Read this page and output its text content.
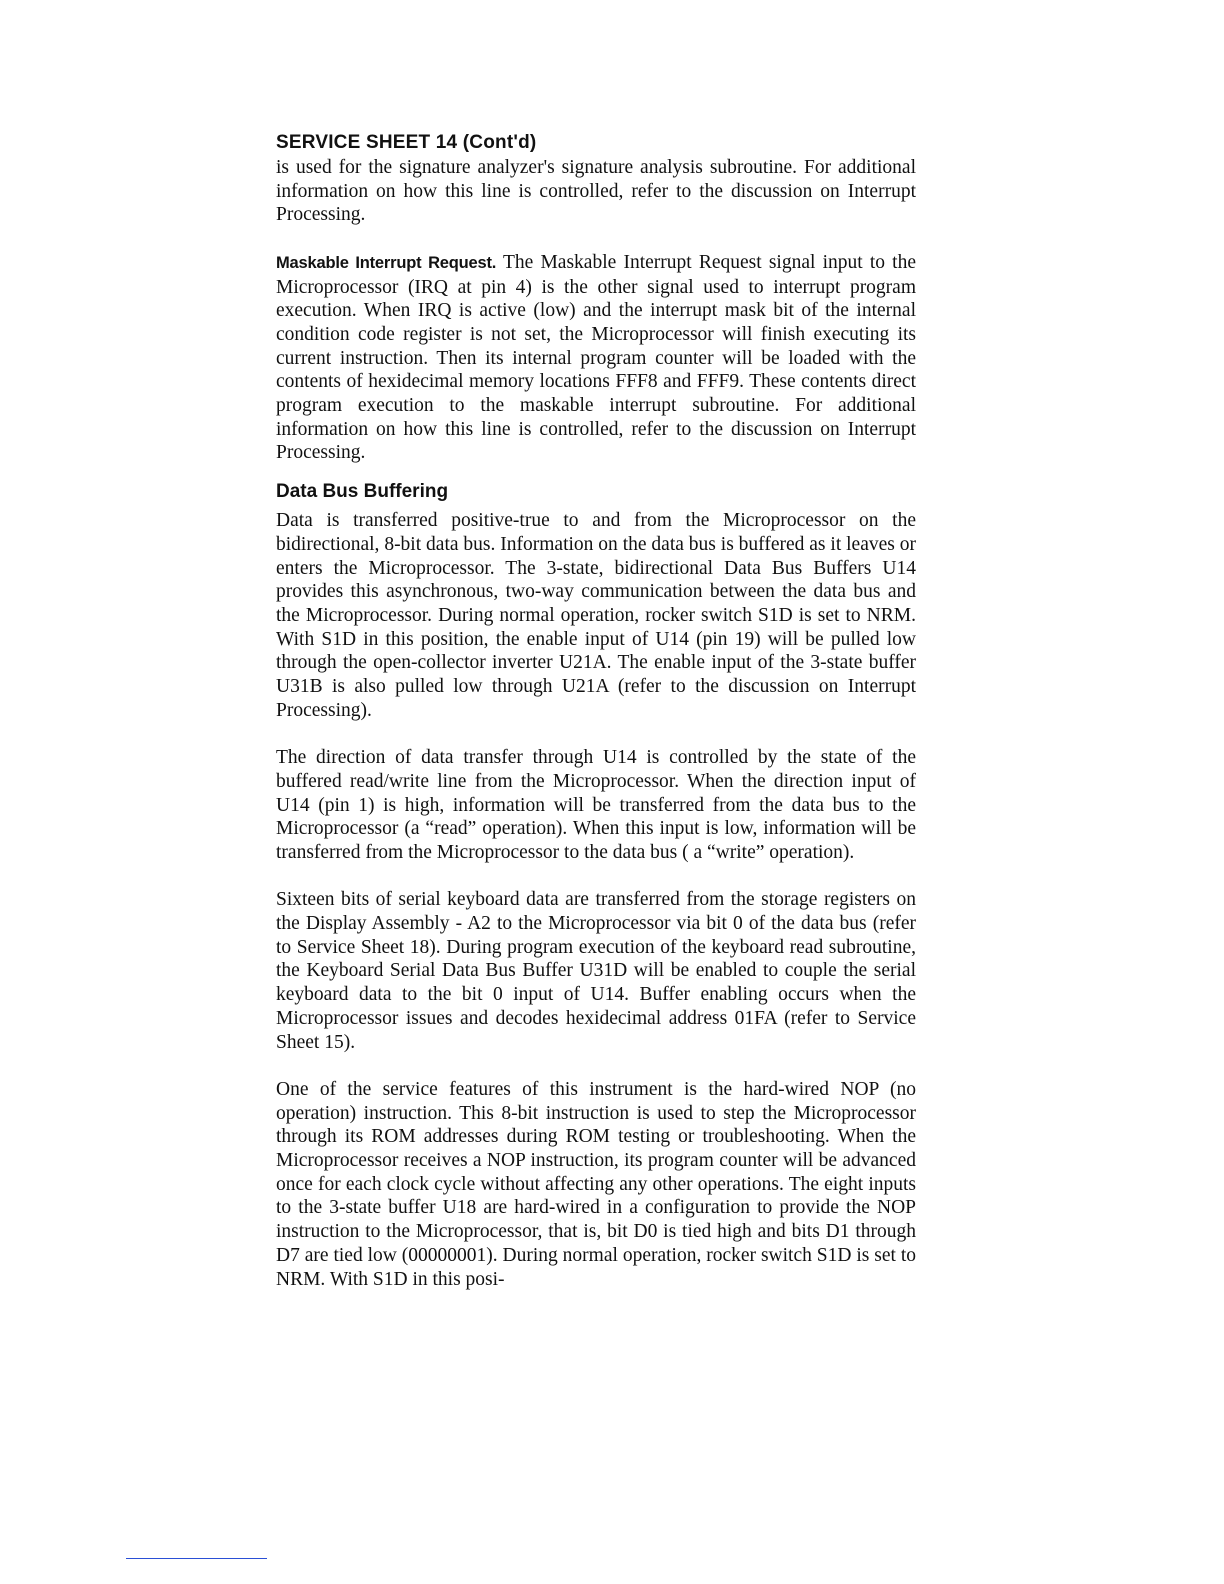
SERVICE SHEET 14 (Cont'd)

is used for the signature analyzer's signature analysis subroutine. For additional information on how this line is controlled, refer to the discussion on Interrupt Processing.

Maskable Interrupt Request. The Maskable Interrupt Request signal input to the Microprocessor (IRQ at pin 4) is the other signal used to interrupt program execution. When IRQ is active (low) and the interrupt mask bit of the internal condition code register is not set, the Microprocessor will finish executing its current instruction. Then its internal program counter will be loaded with the contents of hexidecimal memory locations FFF8 and FFF9. These contents direct program execution to the maskable interrupt subroutine. For additional information on how this line is controlled, refer to the discussion on Interrupt Processing.

Data Bus Buffering

Data is transferred positive-true to and from the Microprocessor on the bidirectional, 8-bit data bus. Information on the data bus is buffered as it leaves or enters the Microprocessor. The 3-state, bidirectional Data Bus Buffers U14 provides this asynchronous, two-way communication between the data bus and the Microprocessor. During normal operation, rocker switch S1D is set to NRM. With S1D in this position, the enable input of U14 (pin 19) will be pulled low through the open-collector inverter U21A. The enable input of the 3-state buffer U31B is also pulled low through U21A (refer to the discussion on Interrupt Processing).

The direction of data transfer through U14 is controlled by the state of the buffered read/write line from the Microprocessor. When the direction input of U14 (pin 1) is high, information will be transferred from the data bus to the Microprocessor (a “read” operation). When this input is low, information will be transferred from the Microprocessor to the data bus ( a “write” operation).

Sixteen bits of serial keyboard data are transferred from the storage registers on the Display Assembly - A2 to the Microprocessor via bit 0 of the data bus (refer to Service Sheet 18). During program execution of the keyboard read subroutine, the Keyboard Serial Data Bus Buffer U31D will be enabled to couple the serial keyboard data to the bit 0 input of U14. Buffer enabling occurs when the Microprocessor issues and decodes hexidecimal address 01FA (refer to Service Sheet 15).

One of the service features of this instrument is the hard-wired NOP (no operation) instruction. This 8-bit instruction is used to step the Microprocessor through its ROM addresses during ROM testing or troubleshooting. When the Microprocessor receives a NOP instruction, its program counter will be advanced once for each clock cycle without affecting any other operations. The eight inputs to the 3-state buffer U18 are hard-wired in a configuration to provide the NOP instruction to the Microprocessor, that is, bit D0 is tied high and bits D1 through D7 are tied low (00000001). During normal operation, rocker switch S1D is set to NRM. With S1D in this posi-
